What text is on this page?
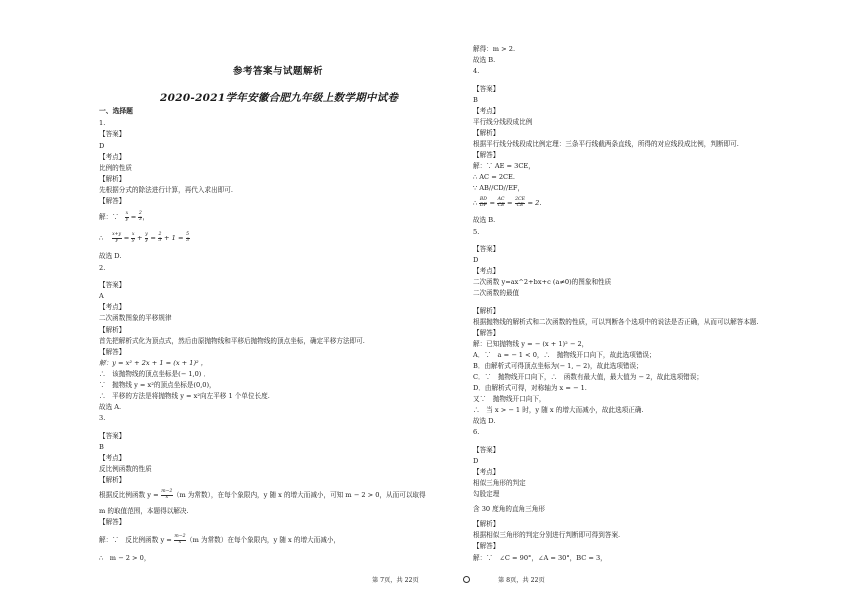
参考答案与试题解析
2020-2021学年安徽合肥九年级上数学期中试卷
一、选择题
1.
【答案】
D
【考点】
比例的性质
【解析】
先根据分式的除法进行计算，再代入求出即可.
【解答】
解：∵ $\frac{x}{y} = \frac{2}{3}$ ，
∴ $\frac{x+y}{y} = \frac{x}{y} + \frac{y}{y} = \frac{2}{3} + 1 = \frac{5}{3}$
故选 D.
2.
【答案】
A
【考点】
二次函数图象的平移规律
【解析】
首先把解析式化为顶点式，然后由原抛物线和平移后抛物线的顶点坐标，确定平移方法即可.
【解答】
解：y = x² + 2x + 1 = (x + 1)² ，
∴　该抛物线的顶点坐标是(− 1,0) ．
∵　抛物线 y = x²的顶点坐标是(0,0)，
∴　平移的方法是将抛物线 y = x²向左平移 1 个单位长度.
故选 A.
3.
【答案】
B
【考点】
反比例函数的性质
【解析】
根据反比例函数 $y = \frac{m-2}{x} (m$ 为常数），在每个象限内，y 随 x 的增大而减小，可知 m − 2 > 0，从而可以取得
m 的取值范围，本题得以解决.
【解答】
解：∵　反比例函数 $y = \frac{m-2}{x} (m$ 为常数）在每个象限内，y 随 x 的增大而减小，
∴　m − 2 > 0，
第 7页，共 22页
解得：m > 2.
故选 B.
4.
【答案】
B
【考点】
平行线分线段成比例
【解析】
根据平行线分线段成比例定理：三条平行线截两条直线，所得的对应线段成比例，判断即可.
【解答】
解：∵ AE = 3CE，
∴ AC = 2CE.
∵ AB//CD//EF，
∴ $\frac{BD}{DF} = \frac{AC}{CE} = \frac{2CE}{CE} = 2$.
故选 B.
5.
【答案】
D
【考点】
二次函数 y=ax^2+bx+c (a≠0)的图象和性质
二次函数的最值
【解析】
根据抛物线的解析式和二次函数的性质，可以判断各个选项中的说法是否正确，从而可以解答本题.
【解答】
解：已知抛物线 y = − (x + 1)² − 2，
A．∵　a = − 1 < 0，∴　抛物线开口向下，故此选项错误；
B．由解析式可得顶点坐标为(− 1, − 2)，故此选项错误；
C．∵　抛物线开口向下，∴　函数有最大值，最大值为 − 2，故此选项错误；
D．由解析式可得，对称轴为 x = − 1.
又∵　抛物线开口向下，
∴　当 x > − 1 时，y 随 x 的增大而减小，故此选项正确.
故选 D.
6.
【答案】
D
【考点】
相似三角形的判定
勾股定理
含 30 度角的直角三角形
【解析】
根据相似三角形的判定分别进行判断即可得到答案.
【解答】
解：∵　∠C = 90°，∠A = 30°，BC = 3，
第 8页，共 22页
